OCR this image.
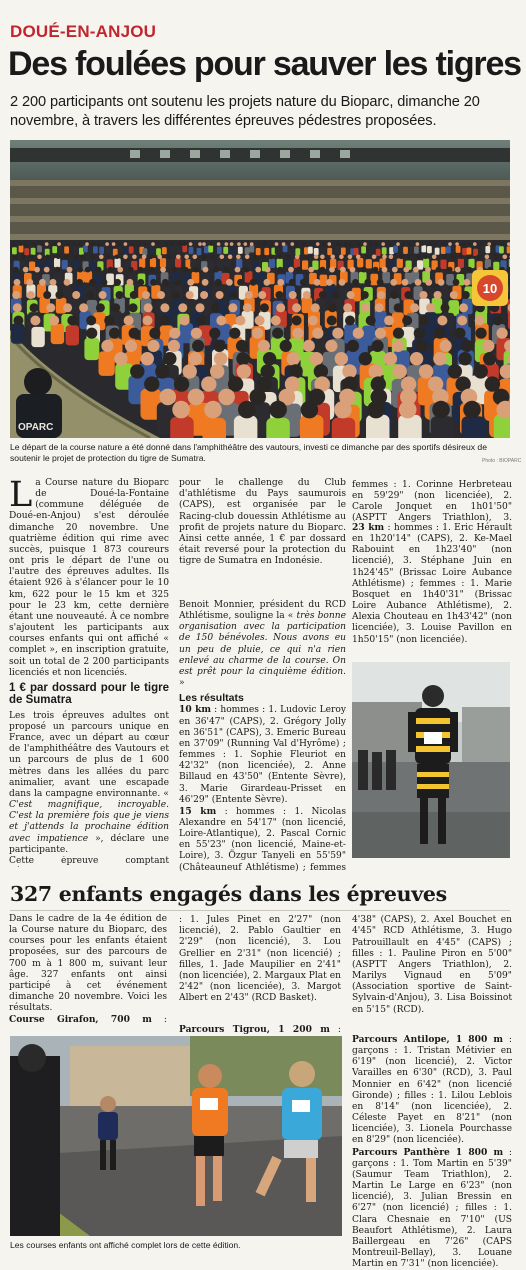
DOUÉ-EN-ANJOU
Des foulées pour sauver les tigres
2 200 participants ont soutenu les projets nature du Bioparc, dimanche 20 novembre, à travers les différentes épreuves pédestres proposées.
OPARC
10
Le départ de la course nature a été donné dans l'amphithéâtre des vautours, investi ce dimanche par des sportifs désireux de soutenir le projet de protection du tigre de Sumatra.	Photo : BIOPARC

La Course nature du Bioparc de Doué-la-Fontaine (commune déléguée de Doué-en-Anjou) s'est déroulée dimanche 20 novembre. Une quatrième édition qui rime avec succès, puisque 1 873 coureurs ont pris le départ de l'une ou l'autre des épreuves adultes. Ils étaient 926 à s'élancer pour le 10 km, 622 pour le 15 km et 325 pour le 23 km, cette dernière étant une nouveauté. À ce nombre s'ajoutent les participants aux courses enfants qui ont affiché « complet », en inscription gratuite, soit un total de 2 200 participants licenciés et non licenciés.

1 € par dossard pour le tigre de Sumatra

Les trois épreuves adultes ont proposé un parcours unique en France, avec un départ au cœur de l'amphithéâtre des Vautours et un parcours de plus de 1 600 mètres dans les allées du parc animalier, avant une escapade dans la campagne environnante. « C'est magnifique, incroyable. C'est la première fois que je viens et j'attends la prochaine édition avec impatience », déclare une participante.

Cette épreuve comptant

pour le challenge du Club d'athlétisme du Pays saumurois (CAPS), est organisée par le Racing-club douessin Athlétisme au profit de projets nature du Bioparc. Ainsi cette année, 1 € par dossard était reversé pour la protection du tigre de Sumatra en Indonésie.

Benoit Monnier, président du RCD Athlétisme, souligne la « très bonne organisation avec la participation de 150 bénévoles. Nous avons eu un peu de pluie, ce qui n'a rien enlevé au charme de la course. On est prêt pour la cinquième édition. »

Les résultats

10 km : hommes : 1. Ludovic Leroy en 36'47" (CAPS), 2. Grégory Jolly en 36'51" (CAPS), 3. Emeric Bureau en 37'09" (Running Val d'Hyrôme) ; femmes : 1. Sophie Fleuriot en 42'32" (non licenciée), 2. Anne Billaud en 43'50" (Entente Sèvre), 3. Marie Girardeau-Prisset en 46'29" (Entente Sèvre).

15 km : hommes : 1. Nicolas Alexandre en 54'17" (non licencié, Loire-Atlantique), 2. Pascal Cornic en 55'23" (non licencié, Maine-et-Loire), 3. Özgur Tanyeli en 55'59" (Châteauneuf Athlétisme) ; femmes

femmes : 1. Corinne Herbreteau en 59'29" (non licenciée), 2. Carole Jonquet en 1h01'50" (ASPTT Angers Triathlon), 3.

23 km : hommes : 1. Eric Hérault en 1h20'14" (CAPS), 2. Ke-Mael Rabouint en 1h23'40" (non licencié), 3. Stéphane Juin en 1h24'45" (Brissac Loire Aubance Athlétisme) ; femmes : 1. Marie Bosquet en 1h40'31" (Brissac Loire Aubance Athlétisme), 2. Alexia Chouteau en 1h43'42" (non licenciée), 3. Louise Pavillon en 1h50'15" (non licenciée).

327 enfants engagés dans les épreuves

Dans le cadre de la 4e édition de la Course nature du Bioparc, des courses pour les enfants étaient proposées, sur des parcours de 700 m à 1 800 m, suivant leur âge. 327 enfants ont ainsi participé à cet événement dimanche 20 novembre. Voici les résultats.

Course Girafon, 700 m :

: 1. Jules Pinet en 2'27" (non licencié), 2. Pablo Gaultier en 2'29" (non licencié), 3. Lou Grellier en 2'31" (non licencié) ; filles, 1. Jade Maupilier en 2'41" (non licenciée), 2. Margaux Plat en 2'42" (non licenciée), 3. Margot Albert en 2'43" (RCD Basket).

Parcours Tigrou, 1 200 m :

4'38" (CAPS), 2. Axel Bouchet en 4'45" RCD Athlétisme, 3. Hugo Patrouillault en 4'45" (CAPS) ; filles : 1. Pauline Piron en 5'00" (ASPTT Angers Triathlon), 2. Marilys Vignaud en 5'09" (Association sportive de Saint-Sylvain-d'Anjou), 3. Lisa Boissinot en 5'15" (RCD).

Parcours Antilope, 1 800 m : garçons : 1. Tristan Métivier en 6'19" (non licencié), 2. Victor Varailles en 6'30" (RCD), 3. Paul Monnier en 6'42" (non licencié Gironde) ; filles : 1. Lilou Leblois en 8'14" (non licenciée), 2. Céleste Payet en 8'21" (non licenciée), 3. Lionela Pourchasse en 8'29" (non licenciée).

Parcours Panthère 1 800 m : garçons : 1. Tom Martin en 5'39" (Saumur Team Triathlon), 2. Martin Le Large en 6'23" (non licencié), 3. Julian Bressin en 6'27" (non licencié) ; filles : 1. Clara Chesnaie en 7'10" (US Beaufort Athlétisme), 2. Laura Baillergeau en 7'26" (CAPS Montreuil-Bellay), 3. Louane Martin en 7'31" (non licenciée).

Les courses enfants ont affiché complet lors de cette édition.
